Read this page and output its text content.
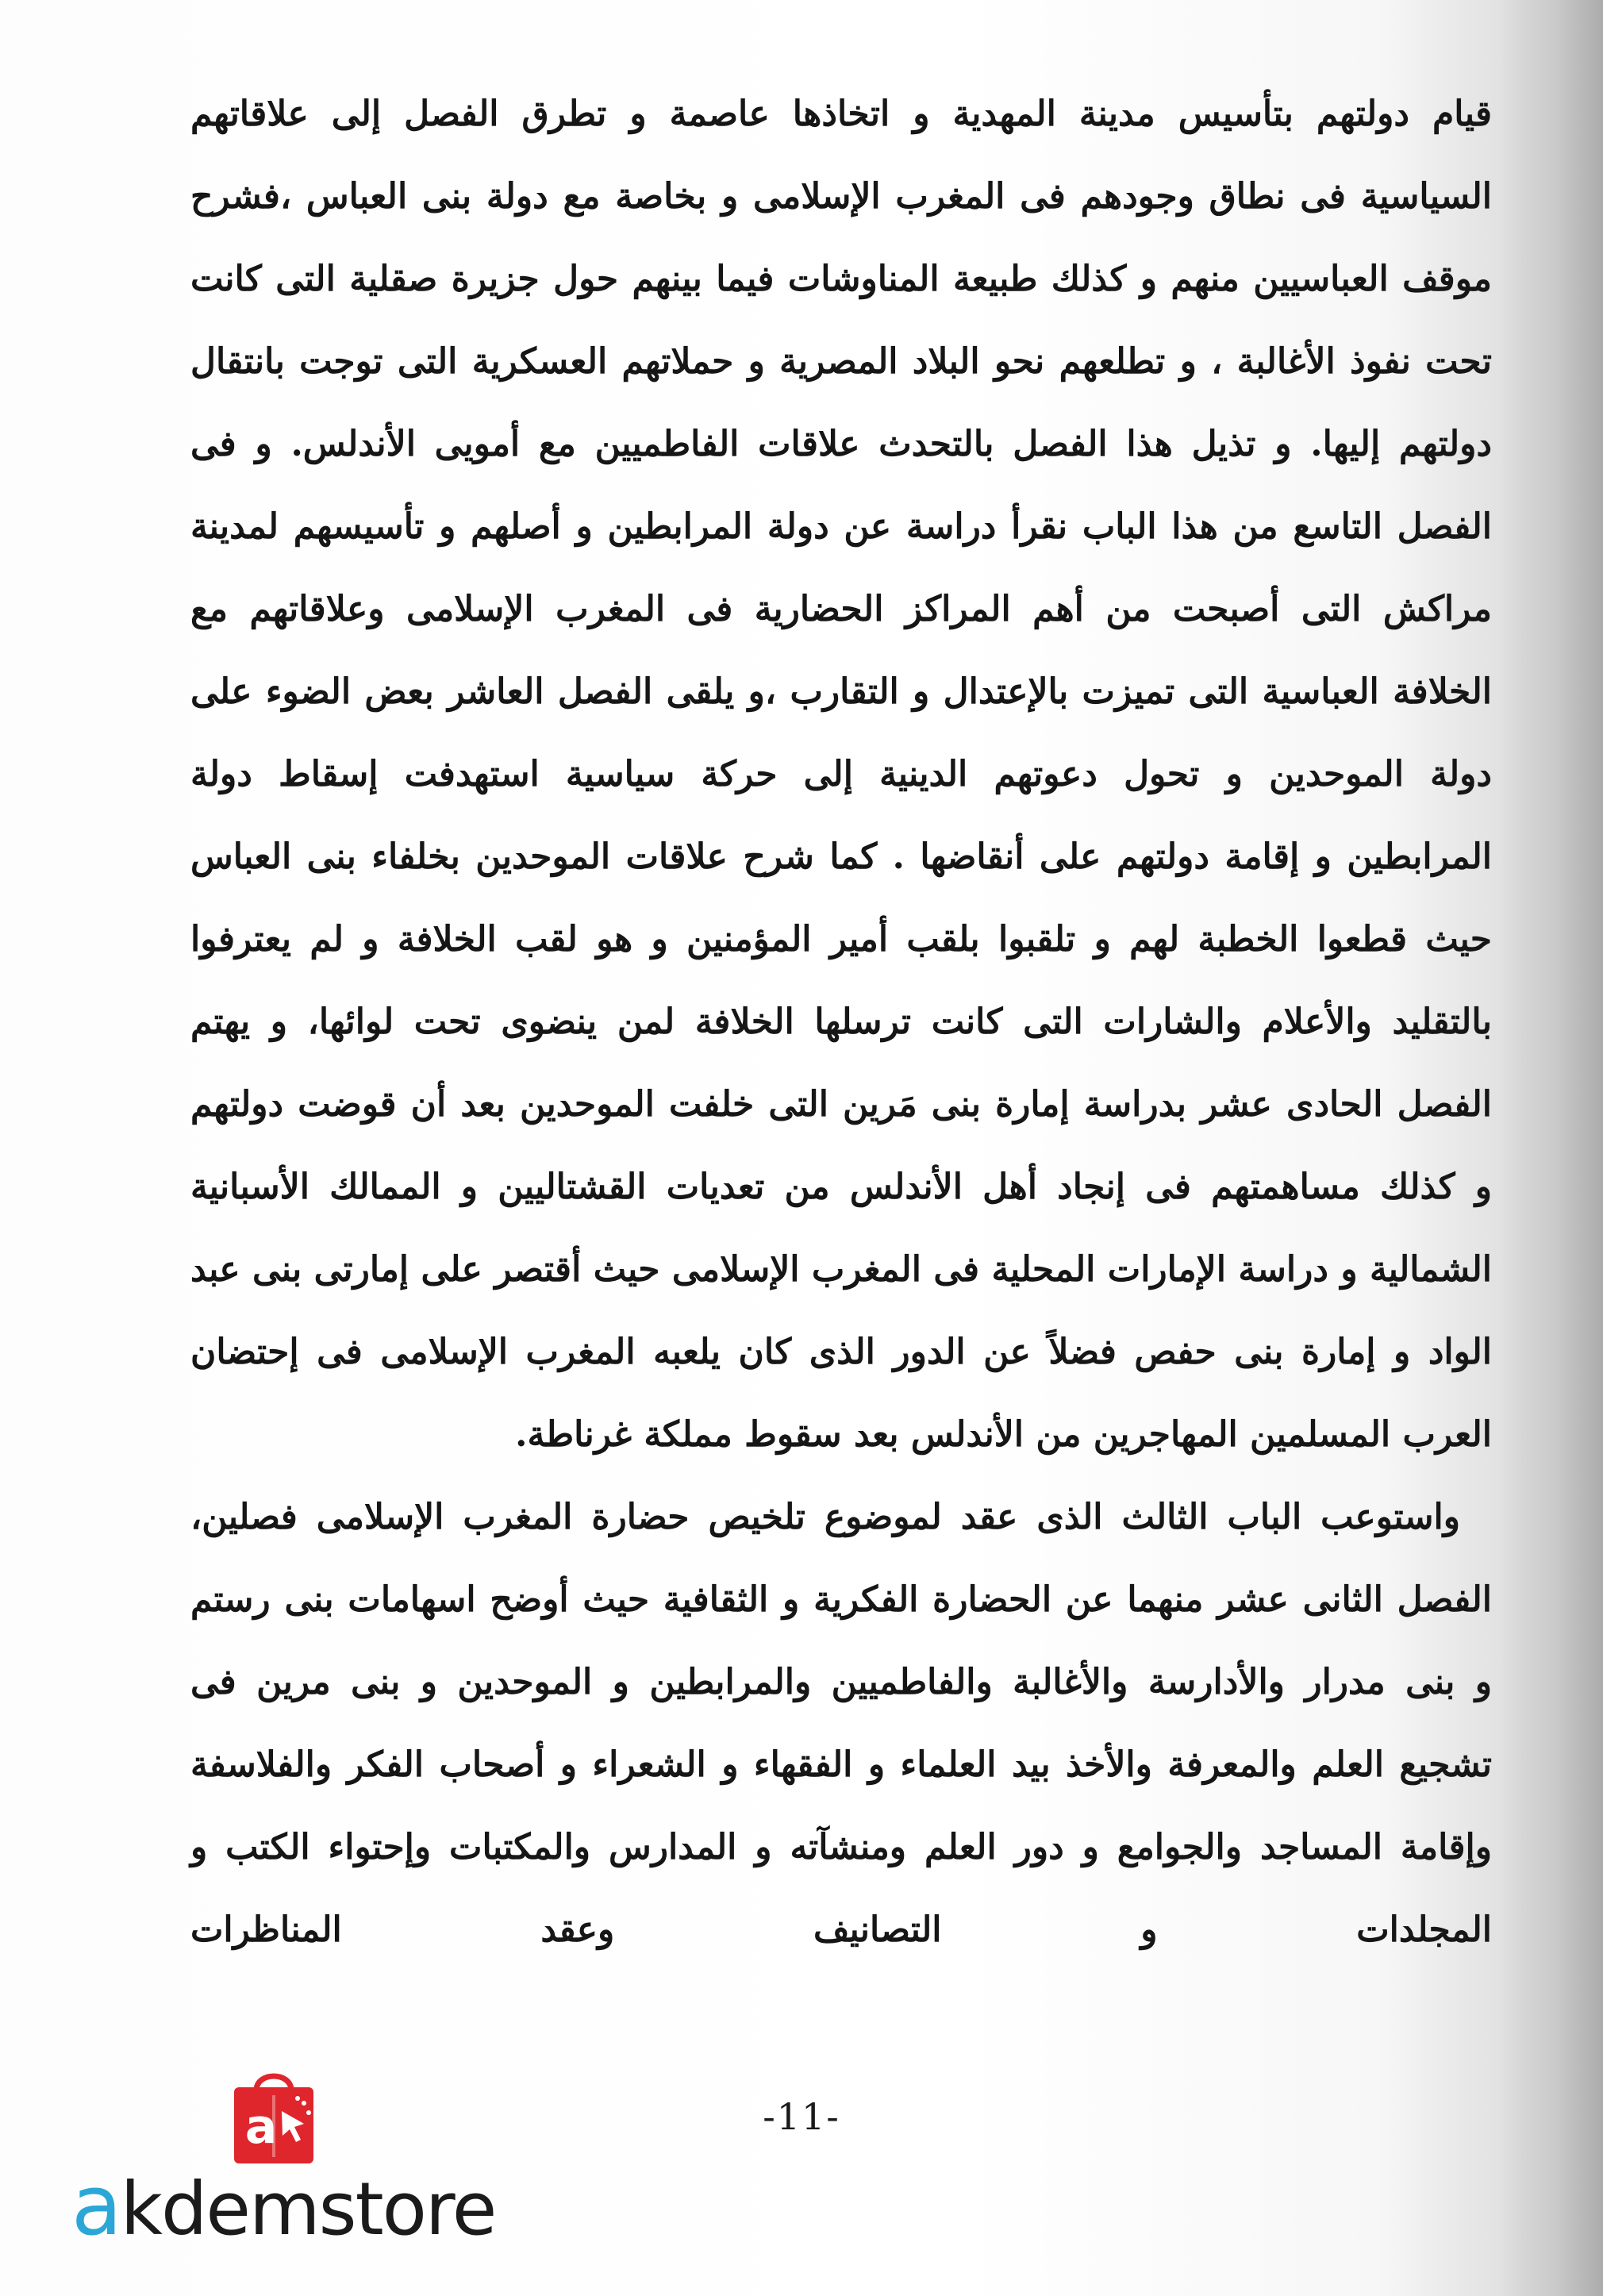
قيام دولتهم بتأسيس مدينة المهدية و اتخاذها عاصمة و تطرق الفصل إلى علاقاتهم السياسية فى نطاق وجودهم فى المغرب الإسلامى و بخاصة مع دولة بنى العباس ،فشرح موقف العباسيين منهم و كذلك طبيعة المناوشات فيما بينهم حول جزيرة صقلية التى كانت تحت نفوذ الأغالبة ، و تطلعهم نحو البلاد المصرية و حملاتهم العسكرية التى توجت بانتقال دولتهم إليها. و تذيل هذا الفصل بالتحدث علاقات الفاطميين مع أمويى الأندلس. و فى الفصل التاسع من هذا الباب نقرأ دراسة عن دولة المرابطين و أصلهم و تأسيسهم لمدينة مراكش التى أصبحت من أهم المراكز الحضارية فى المغرب الإسلامى وعلاقاتهم مع الخلافة العباسية التى تميزت بالإعتدال و التقارب ،و يلقى الفصل العاشر بعض الضوء على دولة الموحدين و تحول دعوتهم الدينية إلى حركة سياسية استهدفت إسقاط دولة المرابطين و إقامة دولتهم على أنقاضها . كما شرح علاقات الموحدين بخلفاء بنى العباس حيث قطعوا الخطبة لهم و تلقبوا بلقب أمير المؤمنين و هو لقب الخلافة و لم يعترفوا بالتقليد والأعلام والشارات التى كانت ترسلها الخلافة لمن ينضوى تحت لوائها، و يهتم الفصل الحادى عشر بدراسة إمارة بنى مَرين التى خلفت الموحدين بعد أن قوضت دولتهم و كذلك مساهمتهم فى إنجاد أهل الأندلس من تعديات القشتاليين و الممالك الأسبانية الشمالية و دراسة الإمارات المحلية فى المغرب الإسلامى حيث أقتصر على إمارتى بنى عبد الواد و إمارة بنى حفص فضلاً عن الدور الذى كان يلعبه المغرب الإسلامى فى إحتضان العرب المسلمين المهاجرين من الأندلس بعد سقوط مملكة غرناطة.

واستوعب الباب الثالث الذى عقد لموضوع تلخيص حضارة المغرب الإسلامى فصلين، الفصل الثانى عشر منهما عن الحضارة الفكرية و الثقافية حيث أوضح اسهامات بنى رستم و بنى مدرار والأدارسة والأغالبة والفاطميين والمرابطين و الموحدين و بنى مرين فى تشجيع العلم والمعرفة والأخذ بيد العلماء و الفقهاء و الشعراء و أصحاب الفكر والفلاسفة وإقامة المساجد والجوامع و دور العلم ومنشآته و المدارس والمكتبات وإحتواء الكتب و المجلدات و التصانيف وعقد المناظرات

-11-
a
akdemstore
